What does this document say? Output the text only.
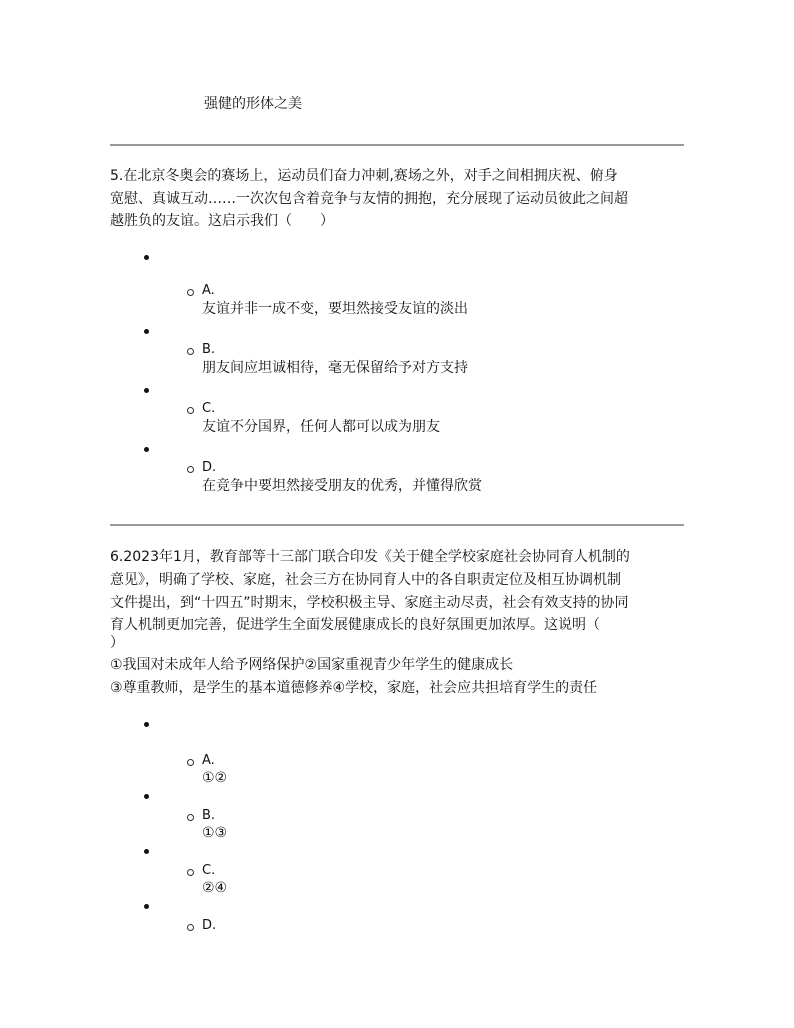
强健的形体之美
5.在北京冬奥会的赛场上，运动员们奋力冲刺,赛场之外，对手之间相拥庆祝、俯身
宽慰、真诚互动……一次次包含着竞争与友情的拥抱，充分展现了运动员彼此之间超
越胜负的友谊。这启示我们（　　）
A.
友谊并非一成不变，要坦然接受友谊的淡出
B.
朋友间应坦诚相待，毫无保留给予对方支持
C.
友谊不分国界，任何人都可以成为朋友
D.
在竞争中要坦然接受朋友的优秀，并懂得欣赏
6.2023年1月，教育部等十三部门联合印发《关于健全学校家庭社会协同育人机制的
意见》，明确了学校、家庭，社会三方在协同育人中的各自职责定位及相互协调机制
文件提出，到“十四五”时期末，学校积极主导、家庭主动尽责，社会有效支持的协同
育人机制更加完善，促进学生全面发展健康成长的良好氛围更加浓厚。这说明（
）
①我国对未成年人给予网络保护②国家重视青少年学生的健康成长
③尊重教师，是学生的基本道德修养④学校，家庭，社会应共担培育学生的责任
A.
①②
B.
①③
C.
②④
D.
